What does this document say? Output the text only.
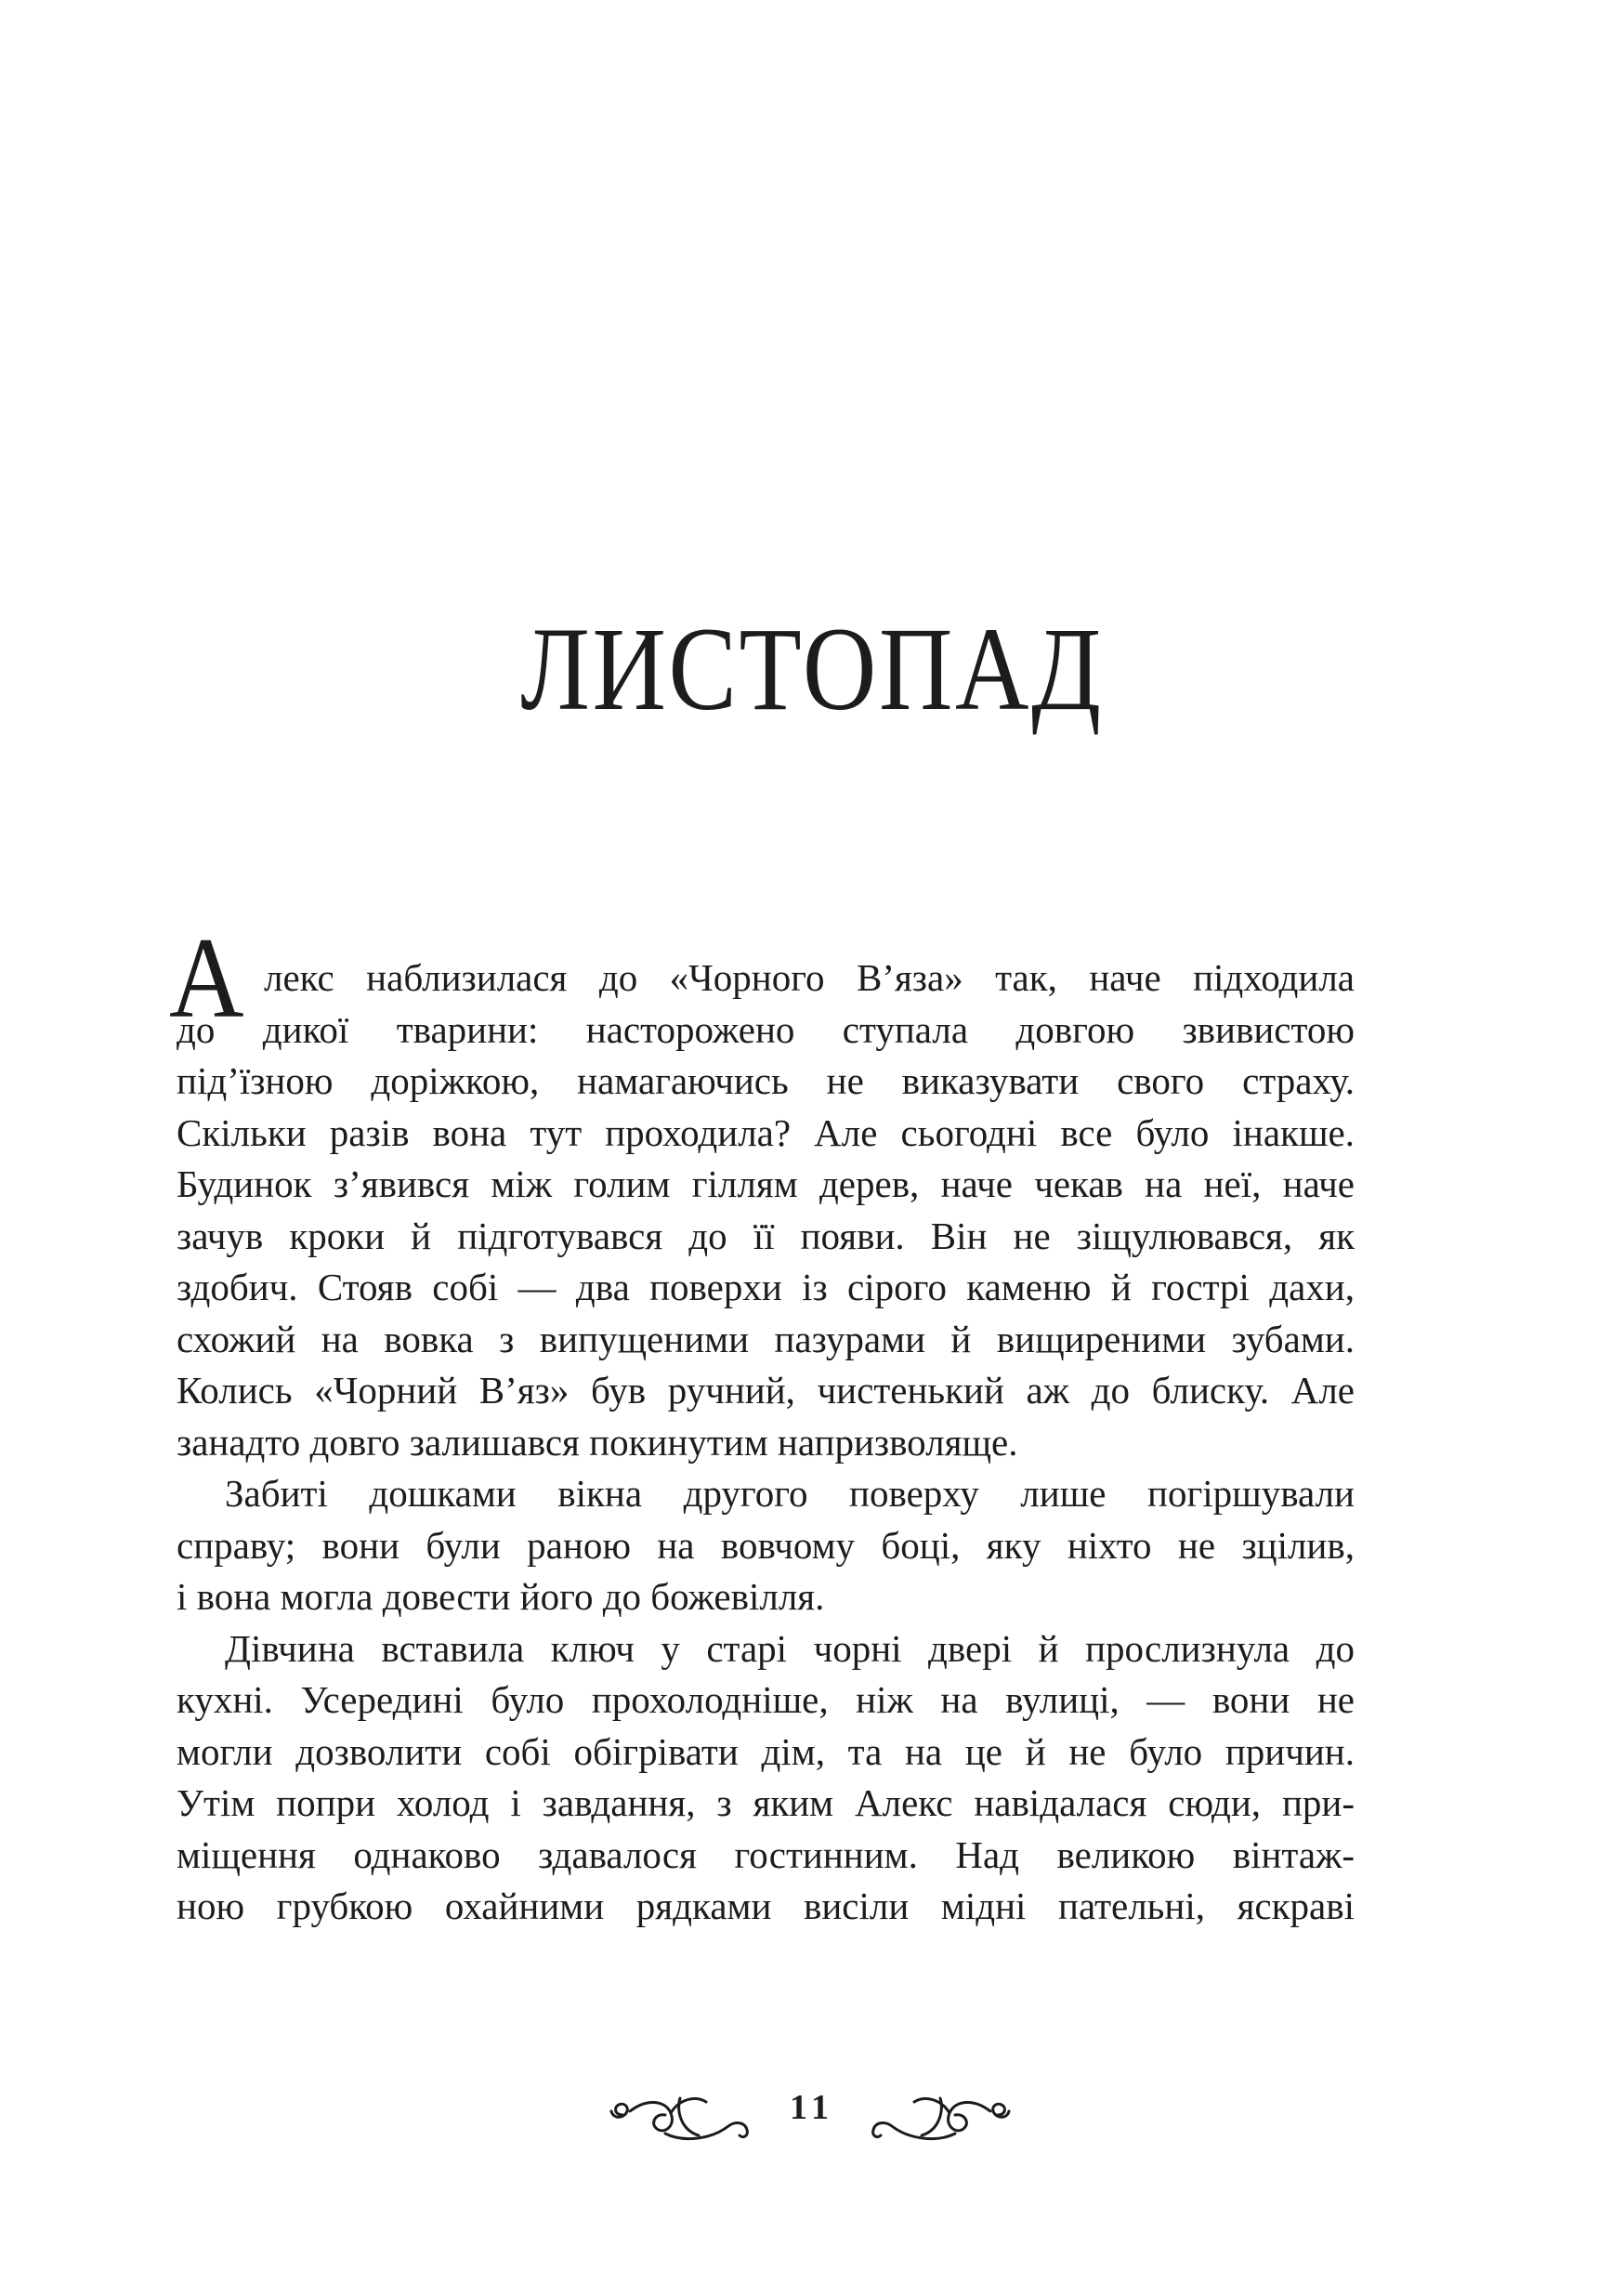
ЛИСТОПАД

А лекс наблизилася до «Чорного В’яза» так, наче підходила
до дикої тварини: насторожено ступала довгою звивистою
під’їзною доріжкою, намагаючись не виказувати свого страху.
Скільки разів вона тут проходила? Але сьогодні все було інакше.
Будинок з’явився між голим гіллям дерев, наче чекав на неї, наче
зачув кроки й підготувався до її появи. Він не зіщулювався, як
здобич. Стояв собі — два поверхи із сірого каменю й гострі дахи,
схожий на вовка з випущеними пазурами й вищиреними зубами.
Колись «Чорний В’яз» був ручний, чистенький аж до блиску. Але
занадто довго залишався покинутим напризволяще.

Забиті дошками вікна другого поверху лише погіршували
справу; вони були раною на вовчому боці, яку ніхто не зцілив,
і вона могла довести його до божевілля.

Дівчина вставила ключ у старі чорні двері й прослизнула до
кухні. Усередині було прохолодніше, ніж на вулиці, — вони не
могли дозволити собі обігрівати дім, та на це й не було причин.
Утім попри холод і завдання, з яким Алекс навідалася сюди, при-
міщення однаково здавалося гостинним. Над великою вінтаж-
ною грубкою охайними рядками висіли мідні пательні, яскраві

11
